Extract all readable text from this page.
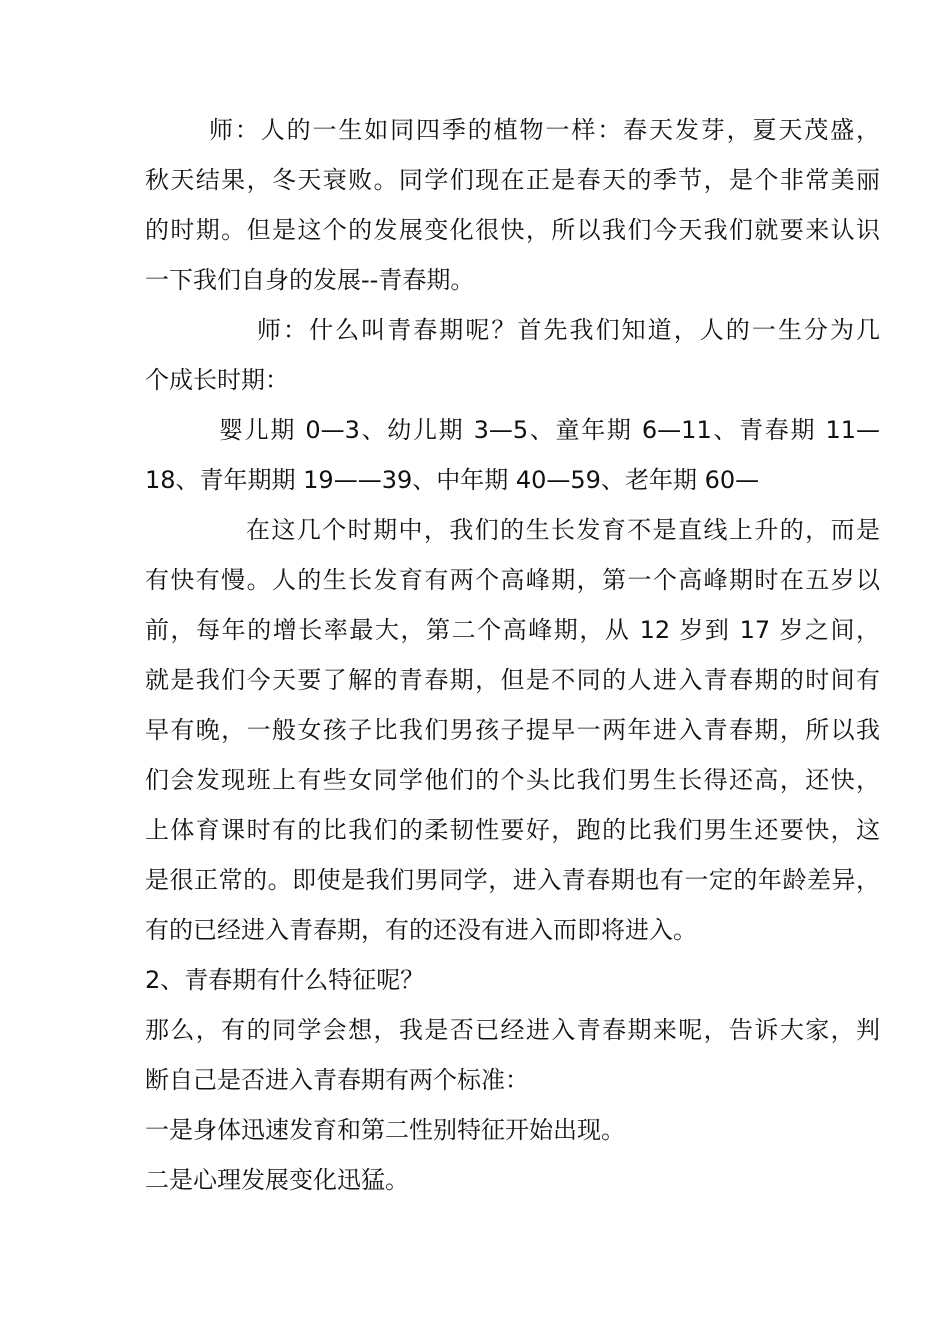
师：人的一生如同四季的植物一样：春天发芽，夏天茂盛，
秋天结果，冬天衰败。同学们现在正是春天的季节，是个非常美丽
的时期。但是这个的发展变化很快，所以我们今天我们就要来认识
一下我们自身的发展--青春期。
师：什么叫青春期呢？首先我们知道，人的一生分为几
个成长时期：
婴儿期 0—3、幼儿期 3—5、童年期 6—11、青春期 11—
18、青年期期 19——39、中年期 40—59、老年期 60—
在这几个时期中，我们的生长发育不是直线上升的，而是
有快有慢。人的生长发育有两个高峰期，第一个高峰期时在五岁以
前，每年的增长率最大，第二个高峰期，从 12 岁到 17 岁之间，
就是我们今天要了解的青春期，但是不同的人进入青春期的时间有
早有晚，一般女孩子比我们男孩子提早一两年进入青春期，所以我
们会发现班上有些女同学他们的个头比我们男生长得还高，还快，
上体育课时有的比我们的柔韧性要好，跑的比我们男生还要快，这
是很正常的。即使是我们男同学，进入青春期也有一定的年龄差异，
有的已经进入青春期，有的还没有进入而即将进入。
2、青春期有什么特征呢？
那么，有的同学会想，我是否已经进入青春期来呢，告诉大家，判
断自己是否进入青春期有两个标准：
一是身体迅速发育和第二性别特征开始出现。
二是心理发展变化迅猛。
